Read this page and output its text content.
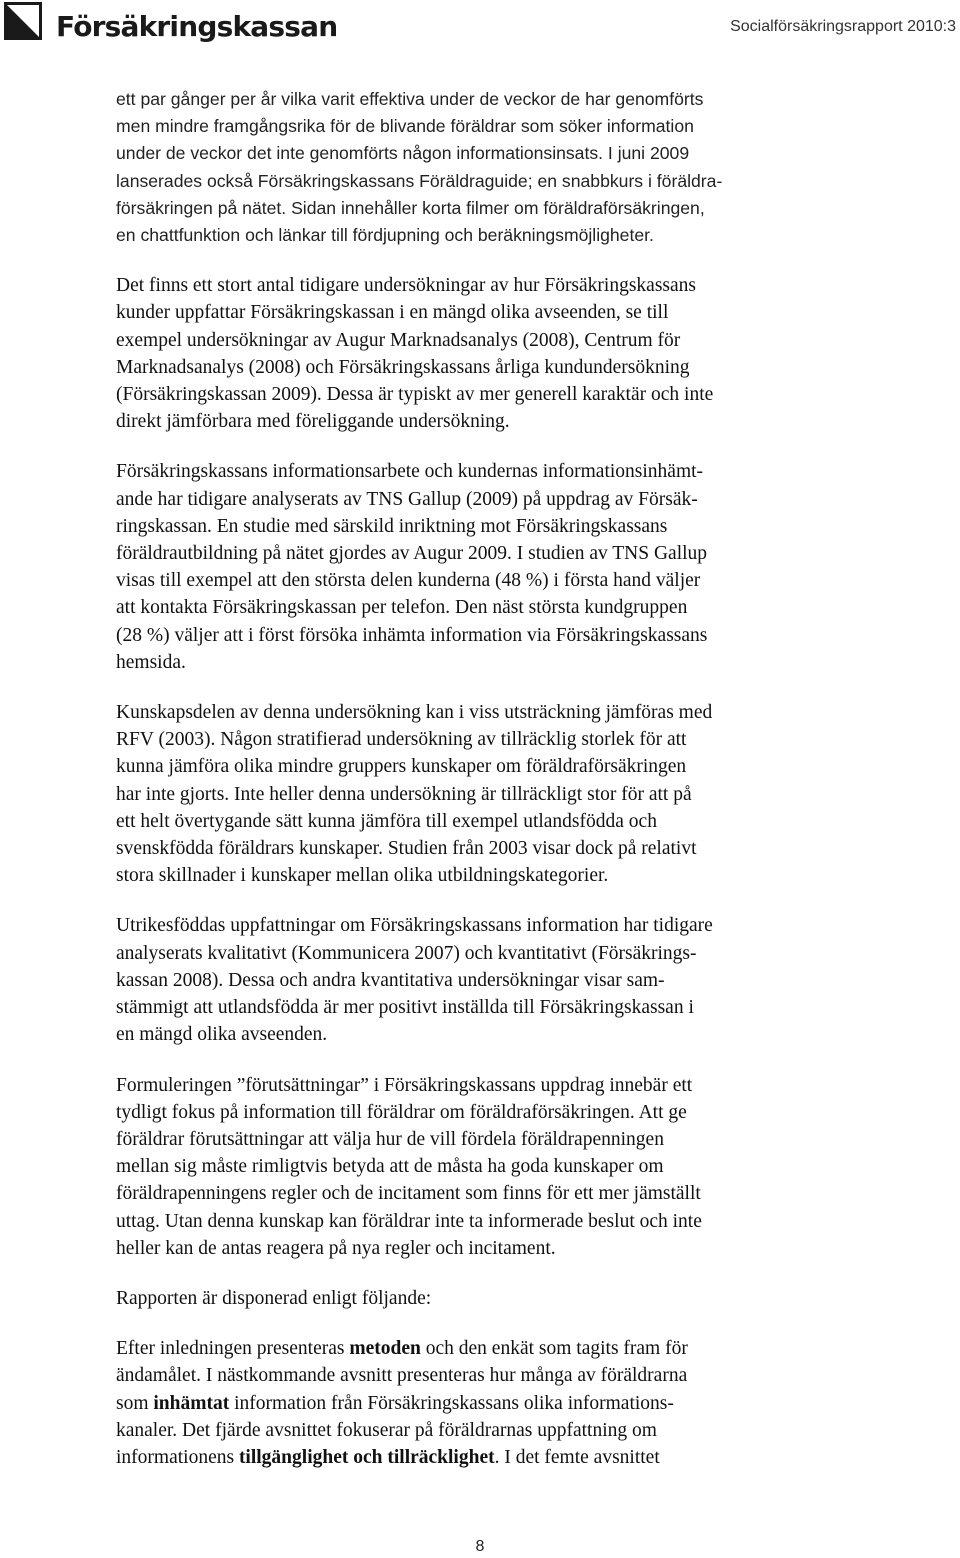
Försäkringskassan	Socialförsäkringsrapport 2010:3

ett par gånger per år vilka varit effektiva under de veckor de har genomförts
men mindre framgångsrika för de blivande föräldrar som söker information
under de veckor det inte genomförts någon informationsinsats. I juni 2009
lanserades också Försäkringskassans Föräldraguide; en snabbkurs i föräldra-
försäkringen på nätet. Sidan innehåller korta filmer om föräldraförsäkringen,
en chattfunktion och länkar till fördjupning och beräkningsmöjligheter.

Det finns ett stort antal tidigare undersökningar av hur Försäkringskassans
kunder uppfattar Försäkringskassan i en mängd olika avseenden, se till
exempel undersökningar av Augur Marknadsanalys (2008), Centrum för
Marknadsanalys (2008) och Försäkringskassans årliga kundundersökning
(Försäkringskassan 2009). Dessa är typiskt av mer generell karaktär och inte
direkt jämförbara med föreliggande undersökning.

Försäkringskassans informationsarbete och kundernas informationsinhämt-
ande har tidigare analyserats av TNS Gallup (2009) på uppdrag av Försäk-
ringskassan. En studie med särskild inriktning mot Försäkringskassans
föräldrautbildning på nätet gjordes av Augur 2009. I studien av TNS Gallup
visas till exempel att den största delen kunderna (48 %) i första hand väljer
att kontakta Försäkringskassan per telefon. Den näst största kundgruppen
(28 %) väljer att i först försöka inhämta information via Försäkringskassans
hemsida.

Kunskapsdelen av denna undersökning kan i viss utsträckning jämföras med
RFV (2003). Någon stratifierad undersökning av tillräcklig storlek för att
kunna jämföra olika mindre gruppers kunskaper om föräldraförsäkringen
har inte gjorts. Inte heller denna undersökning är tillräckligt stor för att på
ett helt övertygande sätt kunna jämföra till exempel utlandsfödda och
svenskfödda föräldrars kunskaper. Studien från 2003 visar dock på relativt
stora skillnader i kunskaper mellan olika utbildningskategorier.

Utrikesföddas uppfattningar om Försäkringskassans information har tidigare
analyserats kvalitativt (Kommunicera 2007) och kvantitativt (Försäkrings-
kassan 2008). Dessa och andra kvantitativa undersökningar visar sam-
stämmigt att utlandsfödda är mer positivt inställda till Försäkringskassan i
en mängd olika avseenden.

Formuleringen ”förutsättningar” i Försäkringskassans uppdrag innebär ett
tydligt fokus på information till föräldrar om föräldraförsäkringen. Att ge
föräldrar förutsättningar att välja hur de vill fördela föräldrapenningen
mellan sig måste rimligtvis betyda att de måsta ha goda kunskaper om
föräldrapenningens regler och de incitament som finns för ett mer jämställt
uttag. Utan denna kunskap kan föräldrar inte ta informerade beslut och inte
heller kan de antas reagera på nya regler och incitament.

Rapporten är disponerad enligt följande:

Efter inledningen presenteras metoden och den enkät som tagits fram för
ändamålet. I nästkommande avsnitt presenteras hur många av föräldrarna
som inhämtat information från Försäkringskassans olika informations-
kanaler. Det fjärde avsnittet fokuserar på föräldrarnas uppfattning om
informationens tillgänglighet och tillräcklighet. I det femte avsnittet

8
